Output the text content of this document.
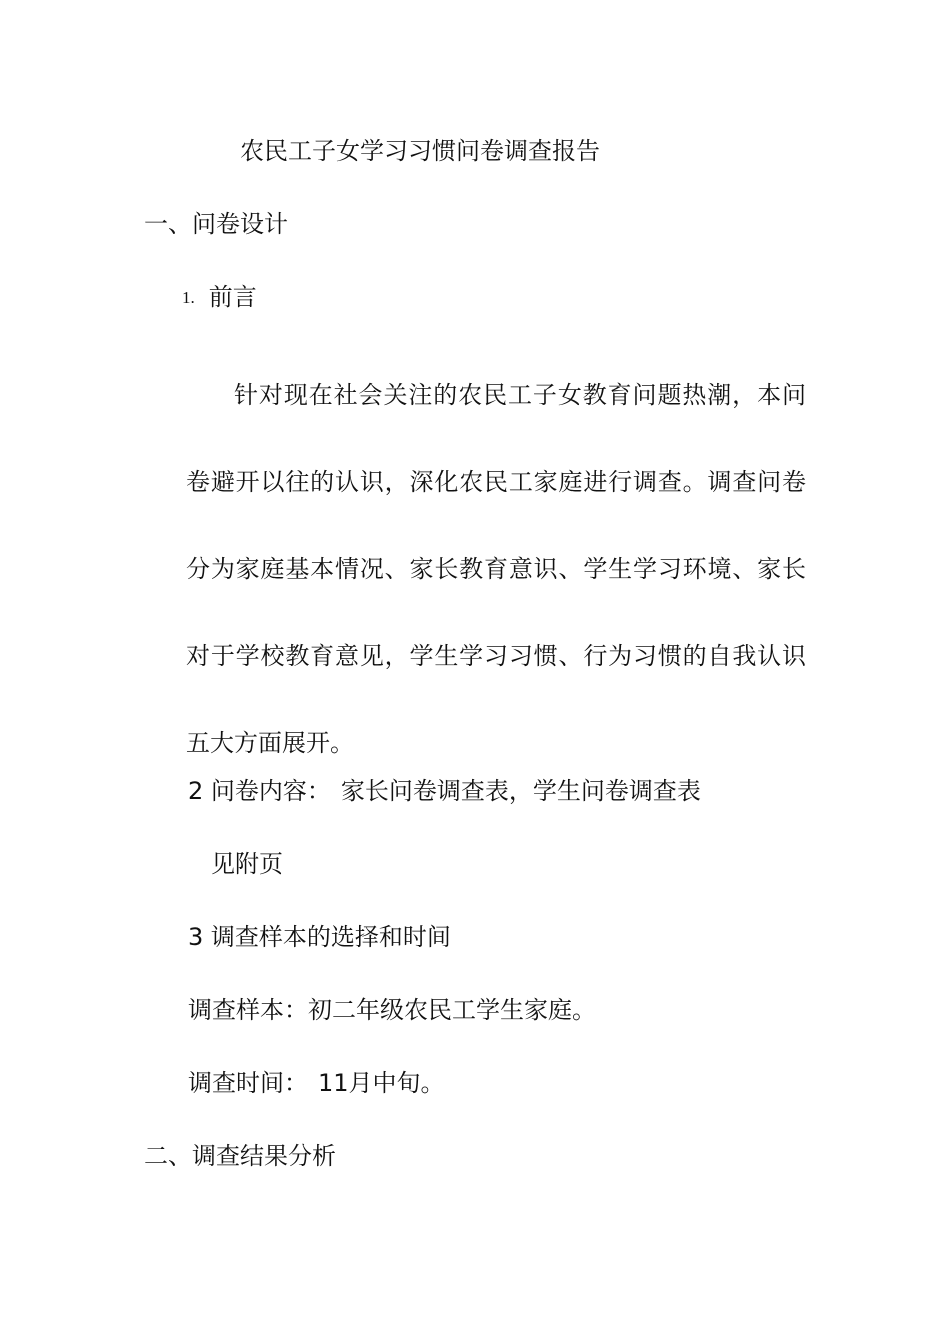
农民工子女学习习惯问卷调查报告
一、问卷设计
1. 前言

针对现在社会关注的农民工子女教育问题热潮，本问卷避开以往的认识，深化农民工家庭进行调查。调查问卷分为家庭基本情况、家长教育意识、学生学习环境、家长对于学校教育意见，学生学习习惯、行为习惯的自我认识五大方面展开。

2 问卷内容： 家长问卷调查表，学生问卷调查表
见附页
3 调查样本的选择和时间
调查样本：初二年级农民工学生家庭。
调查时间： 11月中旬。
二、调查结果分析
